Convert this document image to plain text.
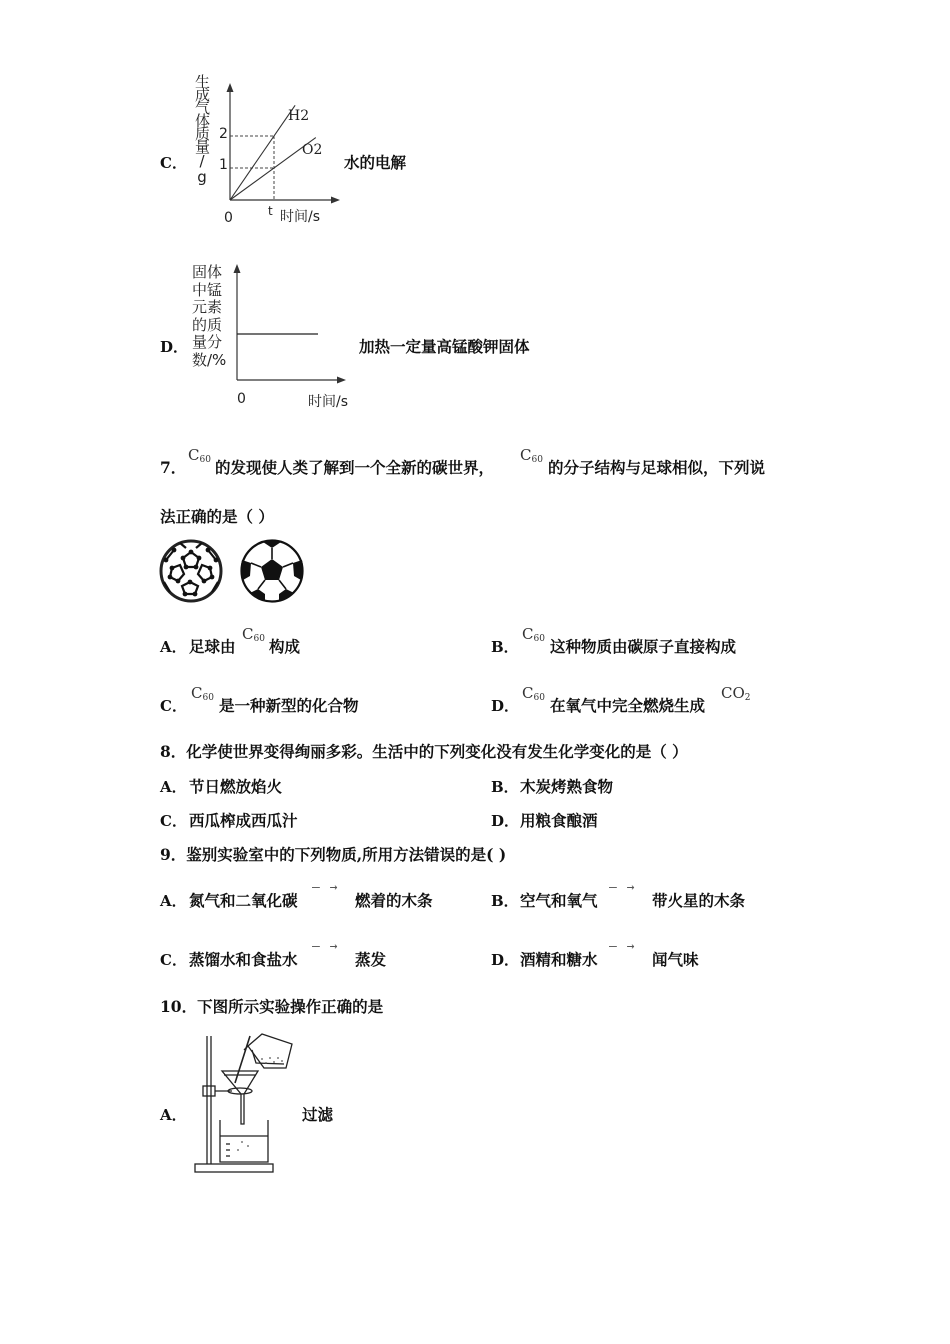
C． 生成气体质量/g 2
1
0	t 时间/s
H2
O2
水的电解
D．
固体
中锰
元素
的质
量分
数/%
0	时间/s
加热一定量高锰酸钾固体
7．
$C_{60}$ 的发现使人类了解到一个全新的碳世界，
$C_{60}$ 的分子结构与足球相似，下列说
法正确的是（ ）
A． 足球由
$C_{60}$ 构成	B．
$C_{60}$ 这种物质由碳原子直接构成
C．
$C_{60}$ 是一种新型的化合物	D．
$C_{60}$ 在氧气中完全燃烧生成
$CO_2$
8．化学使世界变得绚丽多彩。生活中的下列变化没有发生化学变化的是（ ）
A． 节日燃放焰火	B． 木炭烤熟食物
C． 西瓜榨成西瓜汁	D． 用粮食酿酒
9．鉴别实验室中的下列物质,所用方法错误的是( )
A． 氮气和二氧化碳
— →
燃着的木条	B． 空气和氧气
— →
带火星的木条
C． 蒸馏水和食盐水
— →
蒸发	D． 酒精和糖水
— →
闻气味
10．下图所示实验操作正确的是
A．	过滤
